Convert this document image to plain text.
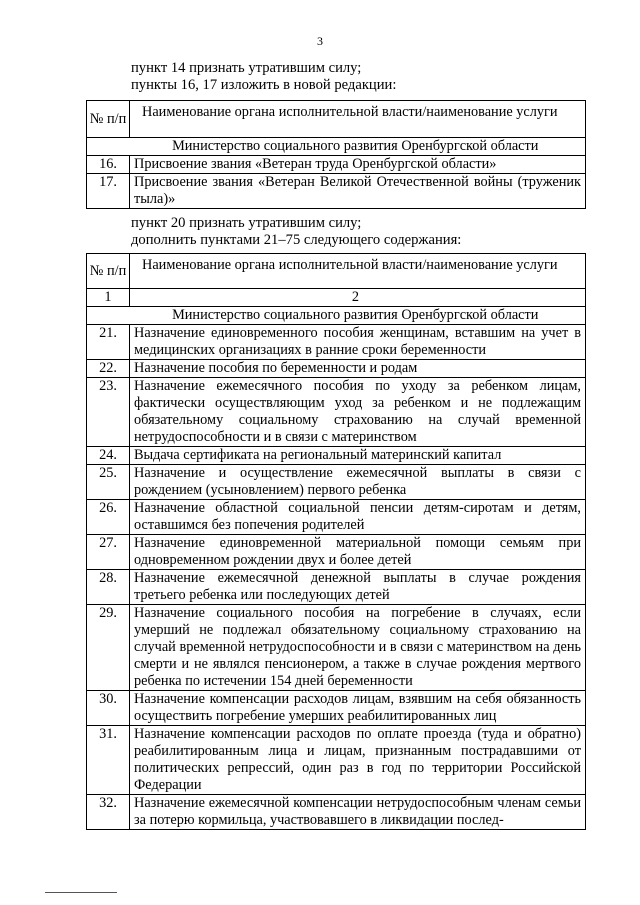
3
пункт 14 признать утратившим силу;
пункты 16, 17 изложить в новой редакции:
№ п/п	Наименование органа исполнительной власти/наименование услуги
	Министерство социального развития Оренбургской области
16.	Присвоение звания «Ветеран труда Оренбургской области»
17.	Присвоение звания «Ветеран Великой Отечественной войны (труженик тыла)»
пункт 20 признать утратившим силу;
дополнить пунктами 21–75 следующего содержания:
№ п/п	Наименование органа исполнительной власти/наименование услуги
1	2
	Министерство социального развития Оренбургской области
21.	Назначение единовременного пособия женщинам, вставшим на учет в медицинских организациях в ранние сроки беременности
22.	Назначение пособия по беременности и родам
23.	Назначение ежемесячного пособия по уходу за ребенком лицам, фактически осуществляющим уход за ребенком и не подлежащим обязательному социальному страхованию на случай временной нетрудоспособности и в связи с материнством
24.	Выдача сертификата на региональный материнский капитал
25.	Назначение и осуществление ежемесячной выплаты в связи с рождением (усыновлением) первого ребенка
26.	Назначение областной социальной пенсии детям-сиротам и детям, оставшимся без попечения родителей
27.	Назначение единовременной материальной помощи семьям при одновременном рождении двух и более детей
28.	Назначение ежемесячной денежной выплаты в случае рождения третьего ребенка или последующих детей
29.	Назначение социального пособия на погребение в случаях, если умерший не подлежал обязательному социальному страхованию на случай временной нетрудоспособности и в связи с материнством на день смерти и не являлся пенсионером, а также в случае рождения мертвого ребенка по истечении 154 дней беременности
30.	Назначение компенсации расходов лицам, взявшим на себя обязанность осуществить погребение умерших реабилитированных лиц
31.	Назначение компенсации расходов по оплате проезда (туда и обратно) реабилитированным лица и лицам, признанным пострадавшими от политических репрессий, один раз в год по территории Российской Федерации
32.	Назначение ежемесячной компенсации нетрудоспособным членам семьи за потерю кормильца, участвовавшего в ликвидации послед-
